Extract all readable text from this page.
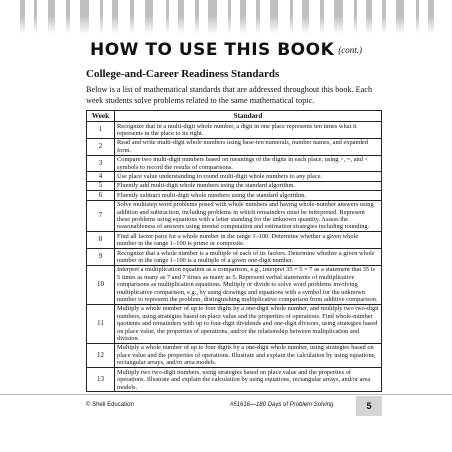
HOW TO USE THIS BOOK (cont.)
College-and-Career Readiness Standards
Below is a list of mathematical standards that are addressed throughout this book. Each week students solve problems related to the same mathematical topic.
Week	Standard
1	Recognize that in a multi-digit whole number, a digit in one place represents ten times what it represents in the place to its right.
2	Read and write multi-digit whole numbers using base-ten numerals, number names, and expanded form.
3	Compare two multi-digit numbers based on meanings of the digits in each place, using >, =, and < symbols to record the results of comparisons.
4	Use place value understanding to round multi-digit whole numbers to any place.
5	Fluently add multi-digit whole numbers using the standard algorithm.
6	Fluently subtract multi-digit whole numbers using the standard algorithm.
7	Solve multistep word problems posed with whole numbers and having whole-number answers using addition and subtraction, including problems in which remainders must be interpreted. Represent these problems using equations with a letter standing for the unknown quantity. Assess the reasonableness of answers using mental computation and estimation strategies including rounding.
8	Find all factor pairs for a whole number in the range 1–100. Determine whether a given whole number in the range 1–100 is prime or composite.
9	Recognize that a whole number is a multiple of each of its factors. Determine whether a given whole number in the range 1–100 is a multiple of a given one-digit number.
10	Interpret a multiplication equation as a comparison, e.g., interpret 35 = 5 × 7 as a statement that 35 is 5 times as many as 7 and 7 times as many as 5. Represent verbal statements of multiplicative comparisons as multiplication equations. Multiply or divide to solve word problems involving multiplicative comparison, e.g., by using drawings and equations with a symbol for the unknown number to represent the problem, distinguishing multiplicative comparison from additive comparison.
11	Multiply a whole number of up to four digits by a one-digit whole number, and multiply two two-digit numbers, using strategies based on place value and the properties of operations. Find whole-number quotients and remainders with up to four-digit dividends and one-digit divisors, using strategies based on place value, the properties of operations, and/or the relationship between multiplication and division.
12	Multiply a whole number of up to four digits by a one-digit whole number, using strategies based on place value and the properties of operations. Illustrate and explain the calculation by using equations, rectangular arrays, and/or area models.
13	Multiply two two-digit numbers, using strategies based on place value and the properties of operations. Illustrate and explain the calculation by using equations, rectangular arrays, and/or area models.
© Shell Education	#51616—180 Days of Problem Solving	5
